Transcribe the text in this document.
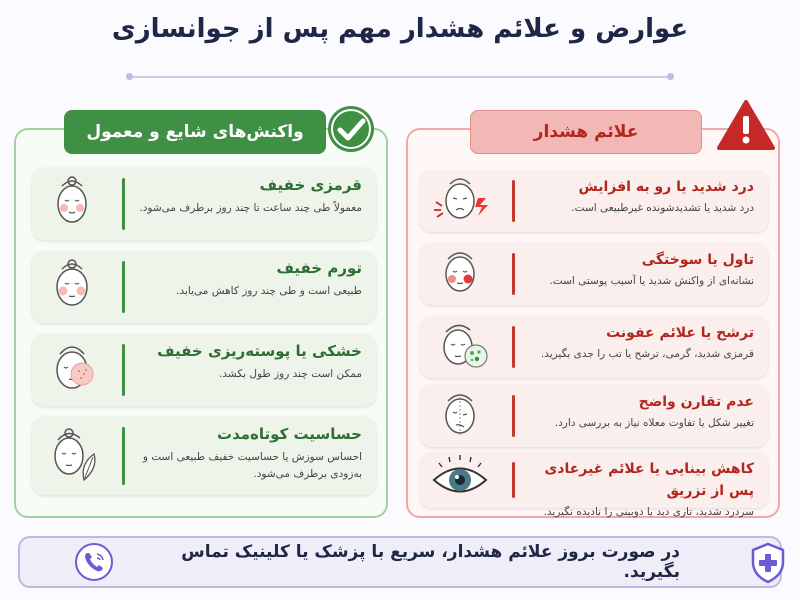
عوارض و علائم هشدار مهم پس از جوانسازی
واکنش‌های شایع و معمول	علائم هشدار
قرمزی خفیف
معمولاً طی چند ساعت تا چند روز برطرف می‌شود.
تورم خفیف
طبیعی است و طی چند روز کاهش می‌یابد.
خشکی یا پوسته‌ریزی خفیف
ممکن است چند روز طول بکشد.
حساسیت کوتاه‌مدت
احساس سوزش یا حساسیت خفیف طبیعی است و به‌زودی برطرف می‌شود.
درد شدید یا رو به افزایش
درد شدید یا تشدیدشونده غیرطبیعی است.
تاول یا سوختگی
نشانه‌ای از واکنش شدید یا آسیب پوستی است.
ترشح یا علائم عفونت
قرمزی شدید، گرمی، ترشح یا تب را جدی بگیرید.
عدم تقارن واضح
تغییر شکل یا تفاوت معلاه نیاز به بررسی دارد.
کاهش بینایی یا علائم غیرعادی پس از تزریق
سردرد شدید، تاری دید یا دوبینی را نادیده نگیرید.
در صورت بروز علائم هشدار، سریع با پزشک یا کلینیک تماس بگیرید.
